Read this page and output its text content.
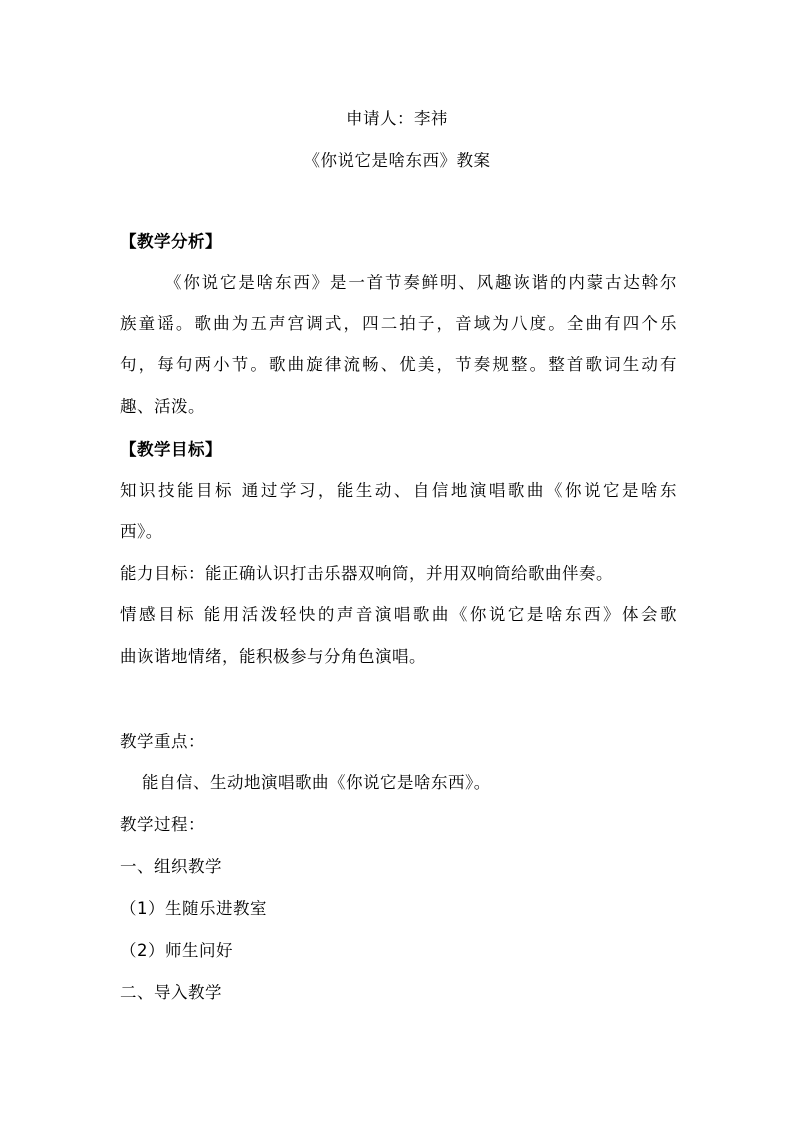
申请人：李祎
《你说它是啥东西》教案
【教学分析】
《你说它是啥东西》是一首节奏鲜明、风趣诙谐的内蒙古达斡尔
族童谣。歌曲为五声宫调式，四二拍子，音域为八度。全曲有四个乐
句，每句两小节。歌曲旋律流畅、优美，节奏规整。整首歌词生动有
趣、活泼。
【教学目标】
知识技能目标 通过学习，能生动、自信地演唱歌曲《你说它是啥东
西》。
能力目标：能正确认识打击乐器双响筒，并用双响筒给歌曲伴奏。
情感目标 能用活泼轻快的声音演唱歌曲《你说它是啥东西》体会歌
曲诙谐地情绪，能积极参与分角色演唱。
教学重点：
能自信、生动地演唱歌曲《你说它是啥东西》。
教学过程：
一、组织教学
（1）生随乐进教室
（2）师生问好
二、导入教学
